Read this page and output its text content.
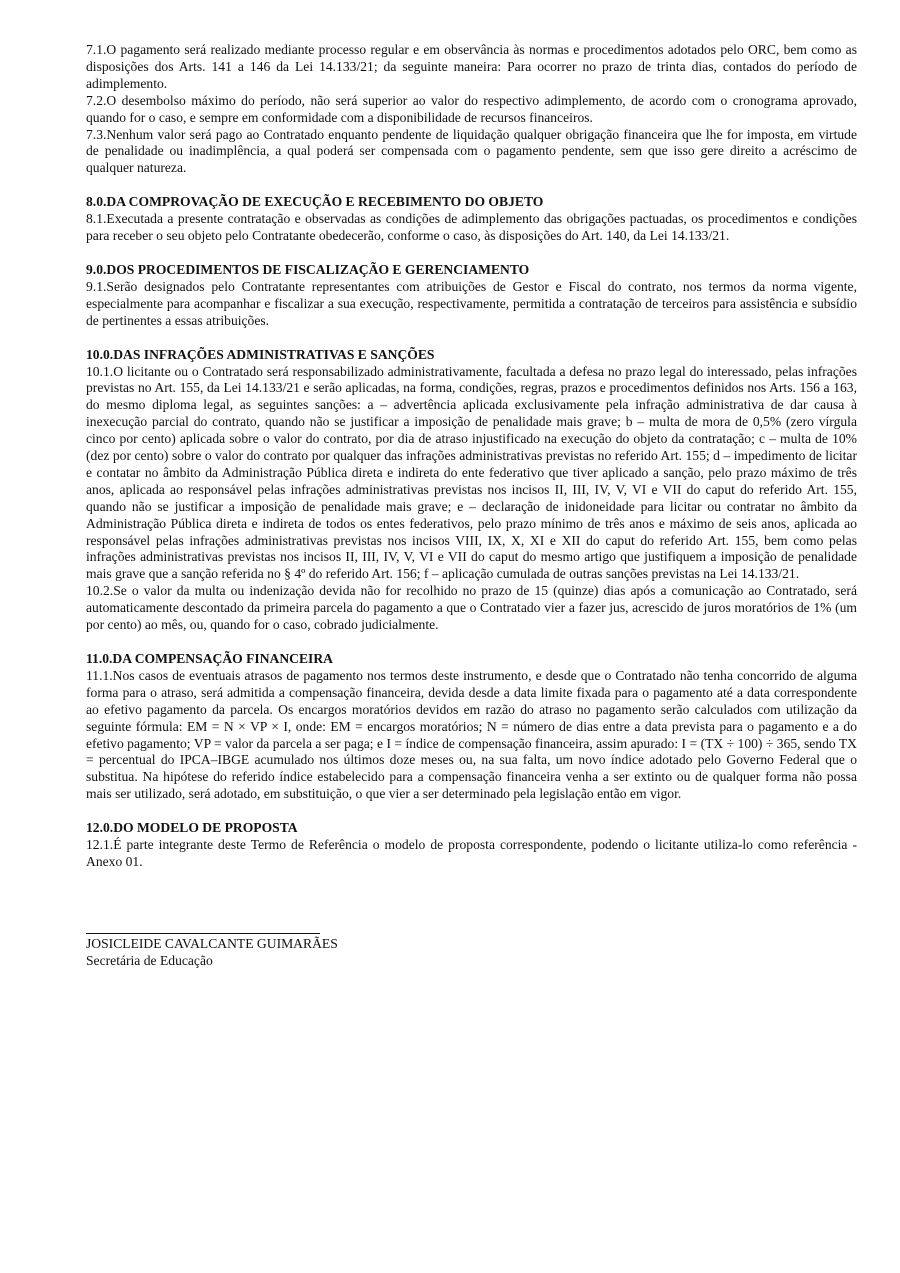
7.1.O pagamento será realizado mediante processo regular e em observância às normas e procedimentos adotados pelo ORC, bem como as disposições dos Arts. 141 a 146 da Lei 14.133/21; da seguinte maneira: Para ocorrer no prazo de trinta dias, contados do período de adimplemento.

7.2.O desembolso máximo do período, não será superior ao valor do respectivo adimplemento, de acordo com o cronograma aprovado, quando for o caso, e sempre em conformidade com a disponibilidade de recursos financeiros.

7.3.Nenhum valor será pago ao Contratado enquanto pendente de liquidação qualquer obrigação financeira que lhe for imposta, em virtude de penalidade ou inadimplência, a qual poderá ser compensada com o pagamento pendente, sem que isso gere direito a acréscimo de qualquer natureza.

8.0.DA COMPROVAÇÃO DE EXECUÇÃO E RECEBIMENTO DO OBJETO

8.1.Executada a presente contratação e observadas as condições de adimplemento das obrigações pactuadas, os procedimentos e condições para receber o seu objeto pelo Contratante obedecerão, conforme o caso, às disposições do Art. 140, da Lei 14.133/21.

9.0.DOS PROCEDIMENTOS DE FISCALIZAÇÃO E GERENCIAMENTO

9.1.Serão designados pelo Contratante representantes com atribuições de Gestor e Fiscal do contrato, nos termos da norma vigente, especialmente para acompanhar e fiscalizar a sua execução, respectivamente, permitida a contratação de terceiros para assistência e subsídio de pertinentes a essas atribuições.

10.0.DAS INFRAÇÕES ADMINISTRATIVAS E SANÇÕES

10.1.O licitante ou o Contratado será responsabilizado administrativamente, facultada a defesa no prazo legal do interessado, pelas infrações previstas no Art. 155, da Lei 14.133/21 e serão aplicadas, na forma, condições, regras, prazos e procedimentos definidos nos Arts. 156 a 163, do mesmo diploma legal, as seguintes sanções: a – advertência aplicada exclusivamente pela infração administrativa de dar causa à inexecução parcial do contrato, quando não se justificar a imposição de penalidade mais grave; b – multa de mora de 0,5% (zero vírgula cinco por cento) aplicada sobre o valor do contrato, por dia de atraso injustificado na execução do objeto da contratação; c – multa de 10% (dez por cento) sobre o valor do contrato por qualquer das infrações administrativas previstas no referido Art. 155; d – impedimento de licitar e contatar no âmbito da Administração Pública direta e indireta do ente federativo que tiver aplicado a sanção, pelo prazo máximo de três anos, aplicada ao responsável pelas infrações administrativas previstas nos incisos II, III, IV, V, VI e VII do caput do referido Art. 155, quando não se justificar a imposição de penalidade mais grave; e – declaração de inidoneidade para licitar ou contratar no âmbito da Administração Pública direta e indireta de todos os entes federativos, pelo prazo mínimo de três anos e máximo de seis anos, aplicada ao responsável pelas infrações administrativas previstas nos incisos VIII, IX, X, XI e XII do caput do referido Art. 155, bem como pelas infrações administrativas previstas nos incisos II, III, IV, V, VI e VII do caput do mesmo artigo que justifiquem a imposição de penalidade mais grave que a sanção referida no § 4º do referido Art. 156; f – aplicação cumulada de outras sanções previstas na Lei 14.133/21.

10.2.Se o valor da multa ou indenização devida não for recolhido no prazo de 15 (quinze) dias após a comunicação ao Contratado, será automaticamente descontado da primeira parcela do pagamento a que o Contratado vier a fazer jus, acrescido de juros moratórios de 1% (um por cento) ao mês, ou, quando for o caso, cobrado judicialmente.

11.0.DA COMPENSAÇÃO FINANCEIRA

11.1.Nos casos de eventuais atrasos de pagamento nos termos deste instrumento, e desde que o Contratado não tenha concorrido de alguma forma para o atraso, será admitida a compensação financeira, devida desde a data limite fixada para o pagamento até a data correspondente ao efetivo pagamento da parcela. Os encargos moratórios devidos em razão do atraso no pagamento serão calculados com utilização da seguinte fórmula: EM = N × VP × I, onde: EM = encargos moratórios; N = número de dias entre a data prevista para o pagamento e a do efetivo pagamento; VP = valor da parcela a ser paga; e I = índice de compensação financeira, assim apurado: I = (TX ÷ 100) ÷ 365, sendo TX = percentual do IPCA–IBGE acumulado nos últimos doze meses ou, na sua falta, um novo índice adotado pelo Governo Federal que o substitua. Na hipótese do referido índice estabelecido para a compensação financeira venha a ser extinto ou de qualquer forma não possa mais ser utilizado, será adotado, em substituição, o que vier a ser determinado pela legislação então em vigor.

12.0.DO MODELO DE PROPOSTA

12.1.É parte integrante deste Termo de Referência o modelo de proposta correspondente, podendo o licitante utiliza-lo como referência - Anexo 01.

JOSICLEIDE CAVALCANTE GUIMARÃES

Secretária de Educação
